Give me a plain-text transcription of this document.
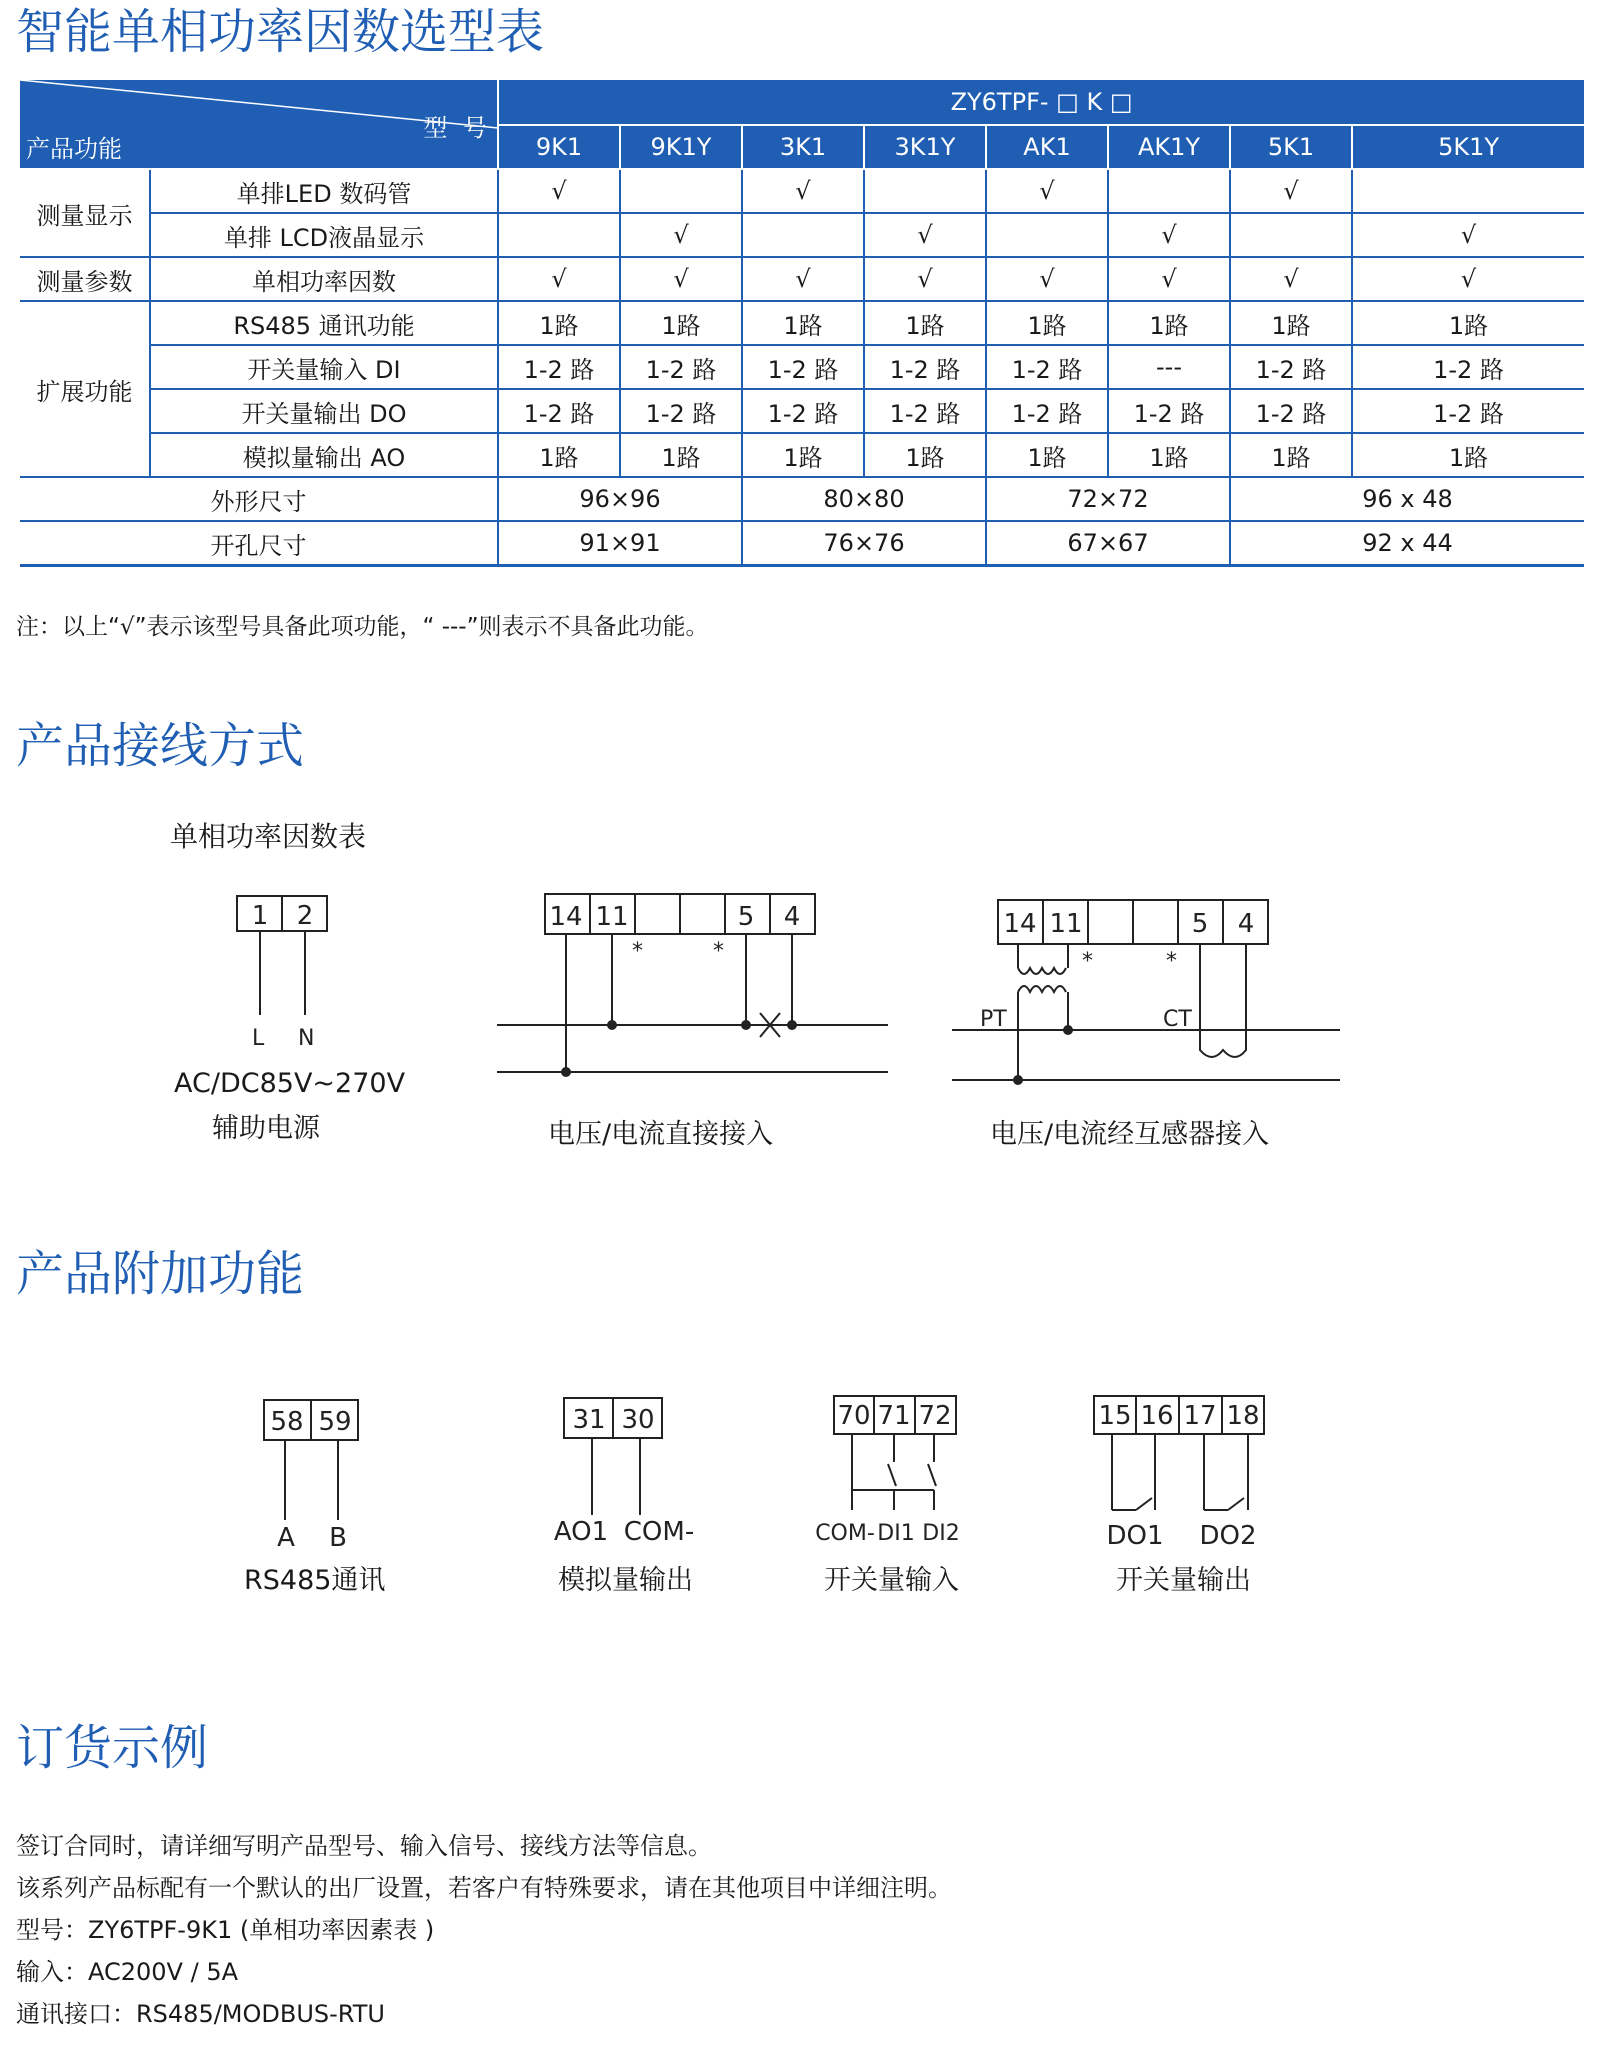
智能单相功率因数选型表
型 号
产品功能		ZY6TPF- □ K □							
		9K1	9K1Y	3K1	3K1Y	AK1	AK1Y	5K1	5K1Y
测量显示	单排LED 数码管	√		√		√		√	
	单排 LCD液晶显示		√		√		√		√
测量参数	单相功率因数	√	√	√	√	√	√	√	√
扩展功能	RS485 通讯功能	1路	1路	1路	1路	1路	1路	1路	1路
	开关量输入 DI	1-2 路	1-2 路	1-2 路	1-2 路	1-2 路	---	1-2 路	1-2 路
	开关量输出 DO	1-2 路	1-2 路	1-2 路	1-2 路	1-2 路	1-2 路	1-2 路	1-2 路
	模拟量输出 AO	1路	1路	1路	1路	1路	1路	1路	1路
外形尺寸		96×96		80×80		72×72		96 x 48	
开孔尺寸		91×91		76×76		67×67		92 x 44	

注：以上“√”表示该型号具备此项功能，“ ---”则表示不具备此功能。

产品接线方式
单相功率因数表
1 2	14 11	5 4	14 11	5 4
*	*	*	*
PT	CT
L N
AC/DC85V~270V
辅助电源	电压/电流直接接入	电压/电流经互感器接入
产品附加功能
58 59	31 30	70 71 72	15 16 17 18
A B	AO1 COM-	DO1 DO2
COM- DI1 DI2
RS485通讯	模拟量输出	开关量输入	开关量输出
订货示例

签订合同时，请详细写明产品型号、输入信号、接线方法等信息。

该系列产品标配有一个默认的出厂设置，若客户有特殊要求，请在其他项目中详细注明。

型号：ZY6TPF-9K1 (单相功率因素表 )

输入：AC200V / 5A

通讯接口：RS485/MODBUS-RTU
